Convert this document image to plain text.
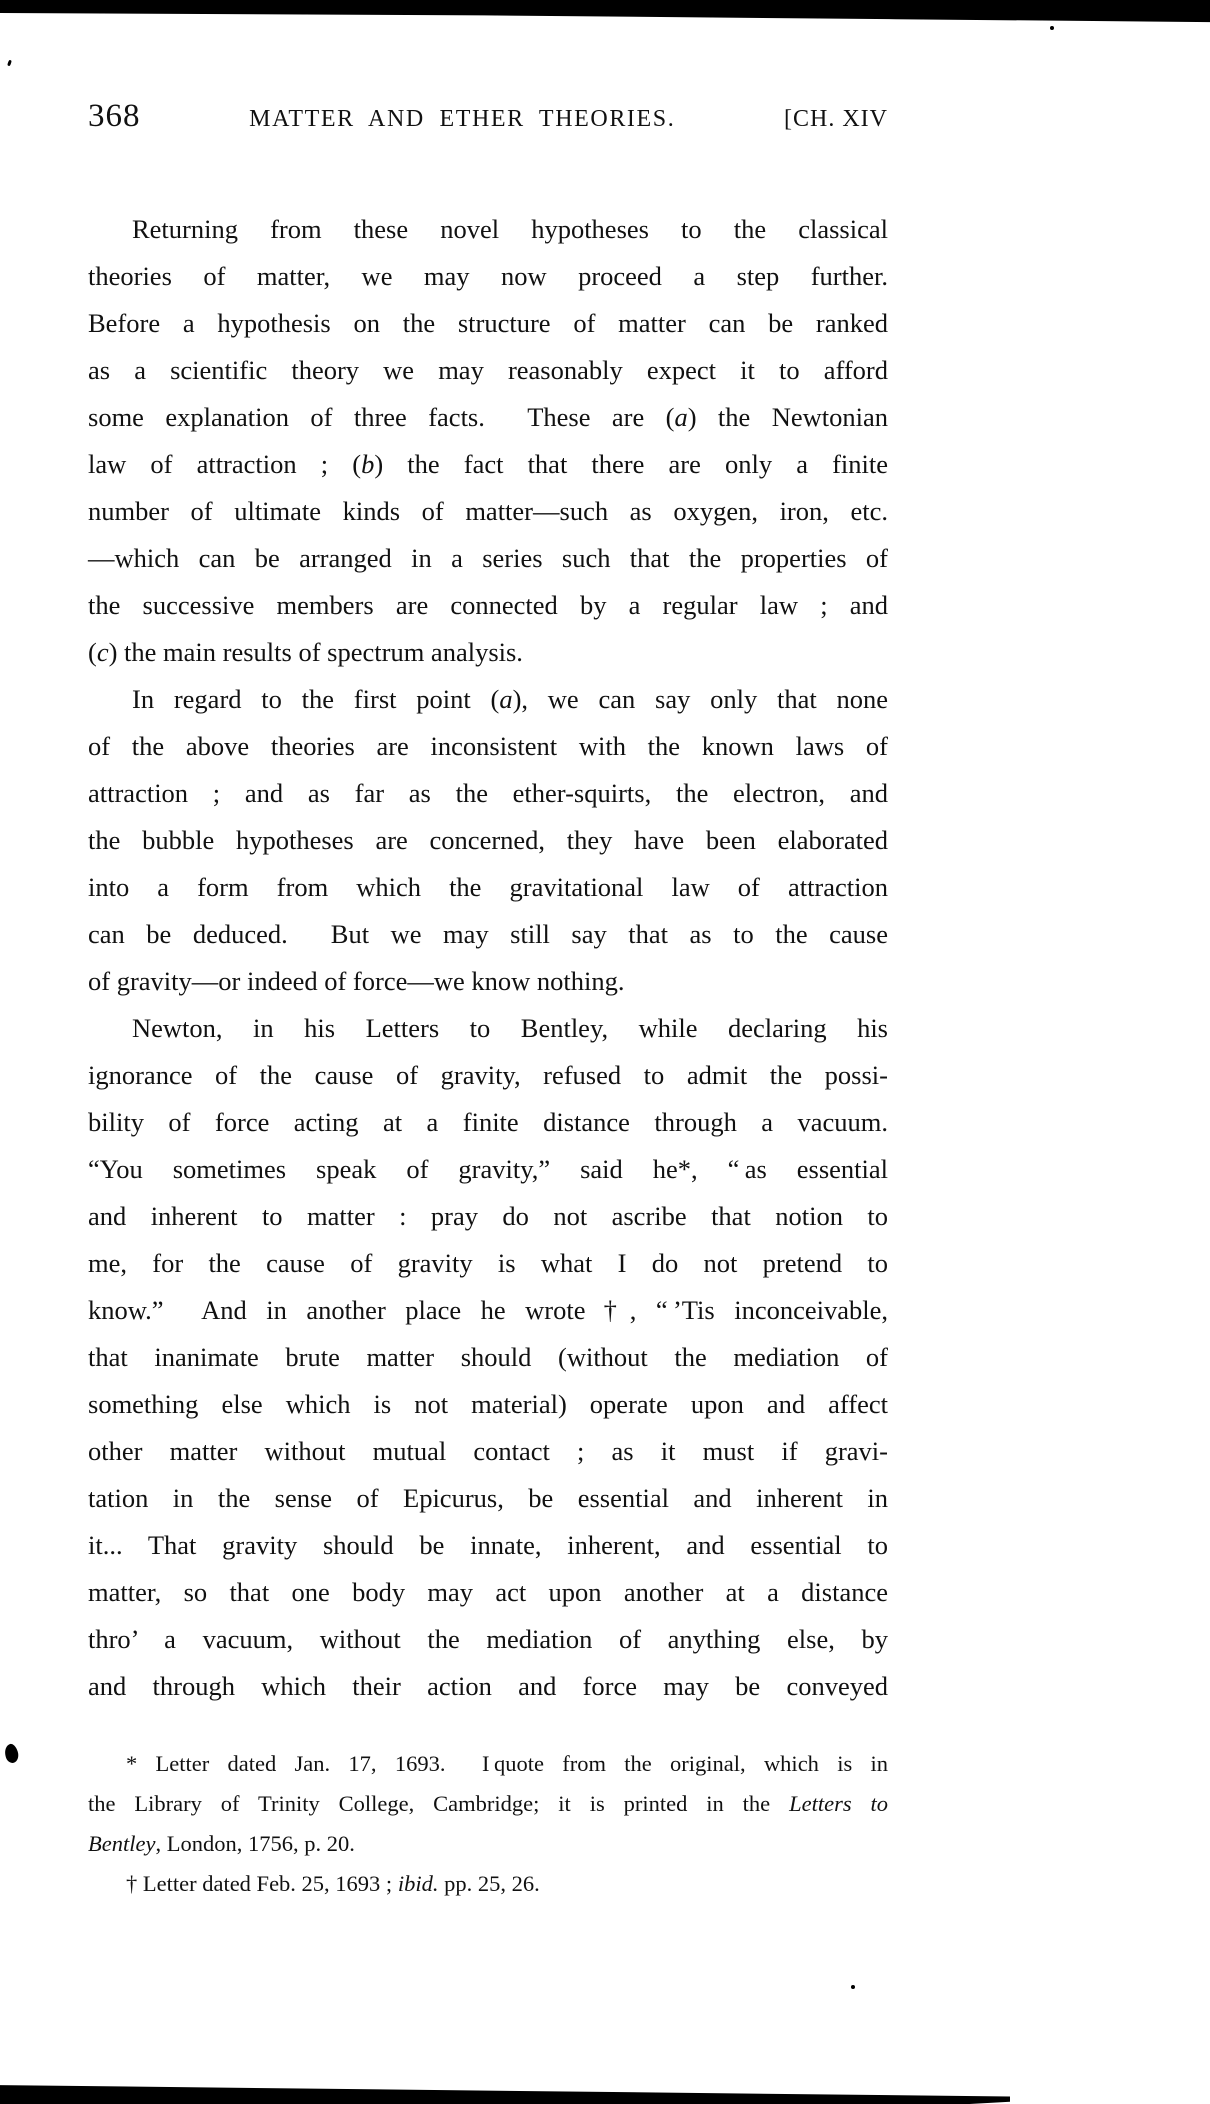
368	MATTER AND ETHER THEORIES.	[CH. XIV
Returning from these novel hypotheses to the classical
theories of matter, we may now proceed a step further.
Before a hypothesis on the structure of matter can be ranked
as a scientific theory we may reasonably expect it to afford
some explanation of three facts.  These are (a) the Newtonian
law of attraction ; (b) the fact that there are only a finite
number of ultimate kinds of matter—such as oxygen, iron, etc.
—which can be arranged in a series such that the properties of
the successive members are connected by a regular law ; and
(c) the main results of spectrum analysis.
In regard to the first point (a), we can say only that none
of the above theories are inconsistent with the known laws of
attraction ; and as far as the ether-squirts, the electron, and
the bubble hypotheses are concerned, they have been elaborated
into a form from which the gravitational law of attraction
can be deduced.  But we may still say that as to the cause
of gravity—or indeed of force—we know nothing.
Newton, in his Letters to Bentley, while declaring his
ignorance of the cause of gravity, refused to admit the possi-
bility of force acting at a finite distance through a vacuum.
“You sometimes speak of gravity,” said he*, “ as essential
and inherent to matter : pray do not ascribe that notion to
me, for the cause of gravity is what I do not pretend to
know.”  And in another place he wrote †, “ ’Tis inconceivable,
that inanimate brute matter should (without the mediation of
something else which is not material) operate upon and affect
other matter without mutual contact ; as it must if gravi-
tation in the sense of Epicurus, be essential and inherent in
it... That gravity should be innate, inherent, and essential to
matter, so that one body may act upon another at a distance
thro’ a vacuum, without the mediation of anything else, by
and through which their action and force may be conveyed
* Letter dated Jan. 17, 1693.  I quote from the original, which is in
the Library of Trinity College, Cambridge; it is printed in the Letters to
Bentley, London, 1756, p. 20.
† Letter dated Feb. 25, 1693 ; ibid. pp. 25, 26.
